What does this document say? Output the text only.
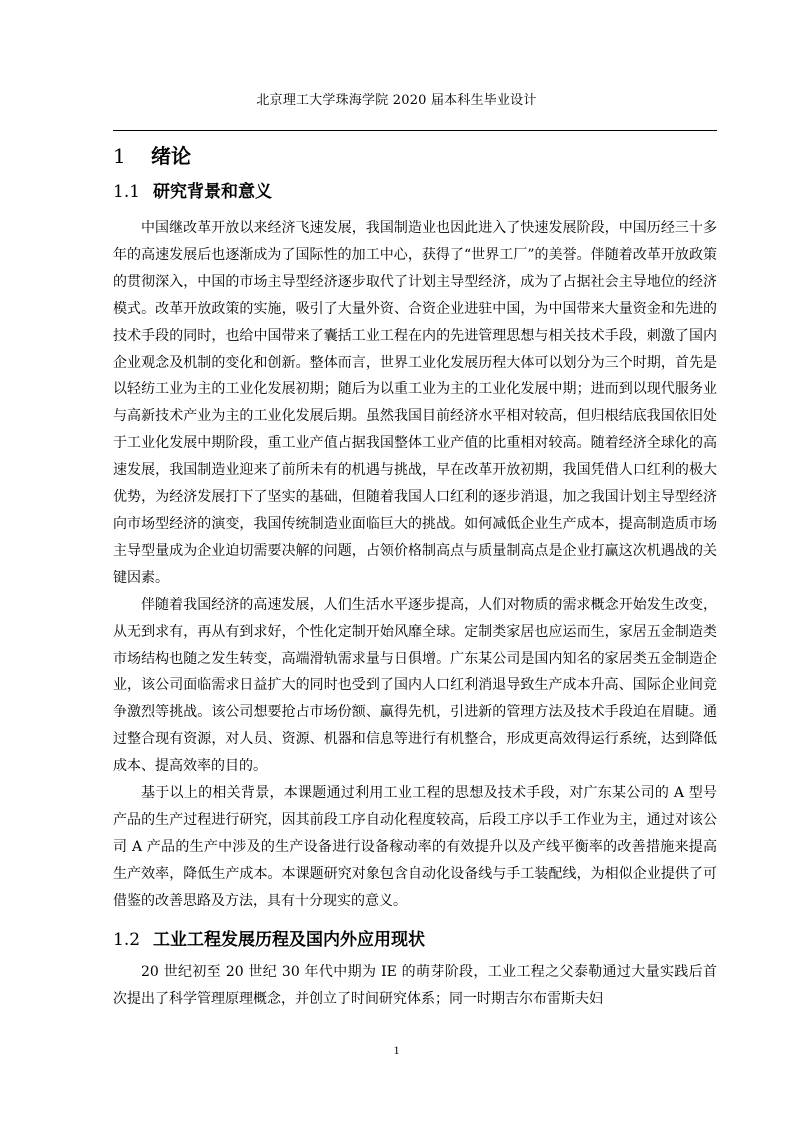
北京理工大学珠海学院 2020 届本科生毕业设计
1 绪论
1.1 研究背景和意义

中国继改革开放以来经济飞速发展，我国制造业也因此进入了快速发展阶段，中国历经三十多年的高速发展后也逐渐成为了国际性的加工中心，获得了“世界工厂”的美誉。伴随着改革开放政策的贯彻深入，中国的市场主导型经济逐步取代了计划主导型经济，成为了占据社会主导地位的经济模式。改革开放政策的实施，吸引了大量外资、合资企业进驻中国，为中国带来大量资金和先进的技术手段的同时，也给中国带来了囊括工业工程在内的先进管理思想与相关技术手段，刺激了国内企业观念及机制的变化和创新。整体而言，世界工业化发展历程大体可以划分为三个时期，首先是以轻纺工业为主的工业化发展初期；随后为以重工业为主的工业化发展中期；进而到以现代服务业与高新技术产业为主的工业化发展后期。虽然我国目前经济水平相对较高，但归根结底我国依旧处于工业化发展中期阶段，重工业产值占据我国整体工业产值的比重相对较高。随着经济全球化的高速发展，我国制造业迎来了前所未有的机遇与挑战，早在改革开放初期，我国凭借人口红利的极大优势，为经济发展打下了坚实的基础，但随着我国人口红利的逐步消退，加之我国计划主导型经济向市场型经济的演变，我国传统制造业面临巨大的挑战。如何减低企业生产成本，提高制造质市场主导型量成为企业迫切需要决解的问题，占领价格制高点与质量制高点是企业打赢这次机遇战的关键因素。

伴随着我国经济的高速发展，人们生活水平逐步提高，人们对物质的需求概念开始发生改变，从无到求有，再从有到求好，个性化定制开始风靡全球。定制类家居也应运而生，家居五金制造类市场结构也随之发生转变，高端滑轨需求量与日俱增。广东某公司是国内知名的家居类五金制造企业，该公司面临需求日益扩大的同时也受到了国内人口红利消退导致生产成本升高、国际企业间竞争激烈等挑战。该公司想要抢占市场份额、赢得先机，引进新的管理方法及技术手段迫在眉睫。通过整合现有资源，对人员、资源、机器和信息等进行有机整合，形成更高效得运行系统，达到降低成本、提高效率的目的。

基于以上的相关背景，本课题通过利用工业工程的思想及技术手段，对广东某公司的 A 型号产品的生产过程进行研究，因其前段工序自动化程度较高，后段工序以手工作业为主，通过对该公司 A 产品的生产中涉及的生产设备进行设备稼动率的有效提升以及产线平衡率的改善措施来提高生产效率，降低生产成本。本课题研究对象包含自动化设备线与手工装配线，为相似企业提供了可借鉴的改善思路及方法，具有十分现实的意义。

1.2 工业工程发展历程及国内外应用现状

20 世纪初至 20 世纪 30 年代中期为 IE 的萌芽阶段，工业工程之父泰勒通过大量实践后首次提出了科学管理原理概念，并创立了时间研究体系；同一时期吉尔布雷斯夫妇

1
